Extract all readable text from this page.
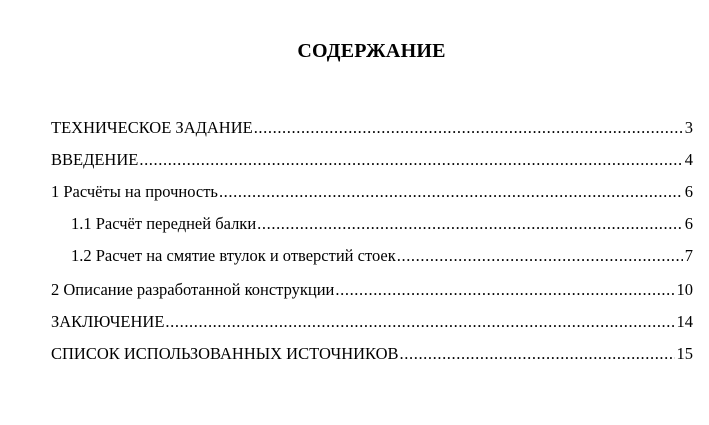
СОДЕРЖАНИЕ
ТЕХНИЧЕСКОЕ ЗАДАНИЕ .....	3
ВВЕДЕНИЕ .....	4
1 Расчёты на прочность .....	6
1.1 Расчёт передней балки .....	6
1.2 Расчет на смятие втулок и отверстий стоек .....	7
2 Описание разработанной конструкции .....	10
ЗАКЛЮЧЕНИЕ .....	14
СПИСОК ИСПОЛЬЗОВАННЫХ ИСТОЧНИКОВ .....	15
